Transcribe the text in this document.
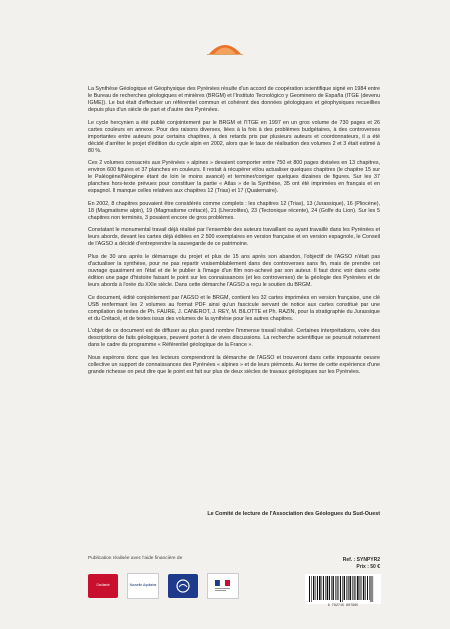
La Synthèse Géologique et Géophysique des Pyrénées résulte d'un accord de coopération scientifique signé en 1984 entre le Bureau de recherches géologiques et minières (BRGM) et l'Instituto Tecnológico y Geominero de España (ITGE (devenu IGME)). Le but était d'effectuer un référentiel commun et cohérent des données géologiques et géophysiques recueillies depuis plus d'un siècle de part et d'autre des Pyrénées.

Le cycle hercynien a été publié conjointement par le BRGM et l'ITGE en 1997 en un gros volume de 730 pages et 26 cartes couleurs en annexe. Pour des raisons diverses, liées à la fois à des problèmes budgétaires, à des controverses importantes entre auteurs pour certains chapitres, à des retards pris par plusieurs auteurs et coordonnateurs, il a été décidé d'arrêter le projet d'édition du cycle alpin en 2002, alors que le taux de réalisation des volumes 2 et 3 était estimé à 80 %.

Ces 2 volumes consacrés aux Pyrénées « alpines » devaient comporter entre 750 et 800 pages divisées en 13 chapitres, environ 600 figures et 37 planches en couleurs. Il restait à récupérer et/ou actualiser quelques chapitres (le chapitre 15 sur le Paléogène/Néogène étant de loin le moins avancé) et terminer/corriger quelques dizaines de figures. Sur les 37 planches hors-texte prévues pour constituer la partie « Atlas » de la Synthèse, 35 ont été imprimées en français et en espagnol. Il manque celles relatives aux chapitres 12 (Trias) et 17 (Quaternaire).

En 2002, 8 chapitres pouvaient être considérés comme complets : les chapitres 12 (Trias), 13 (Jurassique), 16 (Pliocène), 18 (Magmatisme alpin), 19 (Magmatisme crétacé), 21 (Lherzolites), 23 (Tectonique récente), 24 (Golfe du Lion). Sur les 5 chapitres non terminés, 3 posaient encore de gros problèmes.

Constatant le monumental travail déjà réalisé par l'ensemble des auteurs travaillant ou ayant travaillé dans les Pyrénées et leurs abords, devant les cartes déjà éditées en 2 500 exemplaires en version française et en version espagnole, le Conseil de l'AGSO a décidé d'entreprendre la sauvegarde de ce patrimoine.

Plus de 30 ans après le démarrage du projet et plus de 15 ans après son abandon, l'objectif de l'AGSO n'était pas d'actualiser la synthèse, pour ne pas repartir vraisemblablement dans des controverses sans fin, mais de prendre cet ouvrage quasiment en l'état et de le publier à l'image d'un film non-achevé par son auteur. Il faut donc voir dans cette édition une page d'histoire faisant le point sur les connaissances (et les controverses) de la géologie des Pyrénées et de leurs abords à l'orée du XXIe siècle. Dans cette démarche l'AGSO a reçu le soutien du BRGM.

Ce document, édité conjointement par l'AGSO et le BRGM, contient les 32 cartes imprimées en version française, une clé USB renfermant les 2 volumes au format PDF ainsi qu'un fascicule servant de notice aux cartes constitué par une compilation de textes de Ph. FAURE, J. CANEROT, J. REY, M. BILOTTE et Ph. RAZIN, pour la stratigraphie du Jurassique et du Crétacé, et de textes issus des volumes de la synthèse pour les autres chapitres.

L'objet de ce document est de diffuser au plus grand nombre l'immense travail réalisé. Certaines interprétations, voire des descriptions de faits géologiques, peuvent porter à de vives discussions. La recherche scientifique se poursuit notamment dans le cadre du programme « Référentiel géologique de la France ».

Nous espérons donc que les lecteurs comprendront la démarche de l'AGSO et trouveront dans cette imposante oeuvre collective un support de connaissances des Pyrénées « alpines » et de leurs piémonts. Au terme de cette expérience d'une grande richesse on peut dire que le point est fait sur plus de deux siècles de travaux géologiques sur les Pyrénées.

Le Comité de lecture de l'Association des Géologues du Sud-Ouest
Publication réalisée avec l'aide financière de
Occitanie	Nouvelle-Aquitaine
Ref. : SYNPYR2
Prix : 50 €
9 782715 807985
